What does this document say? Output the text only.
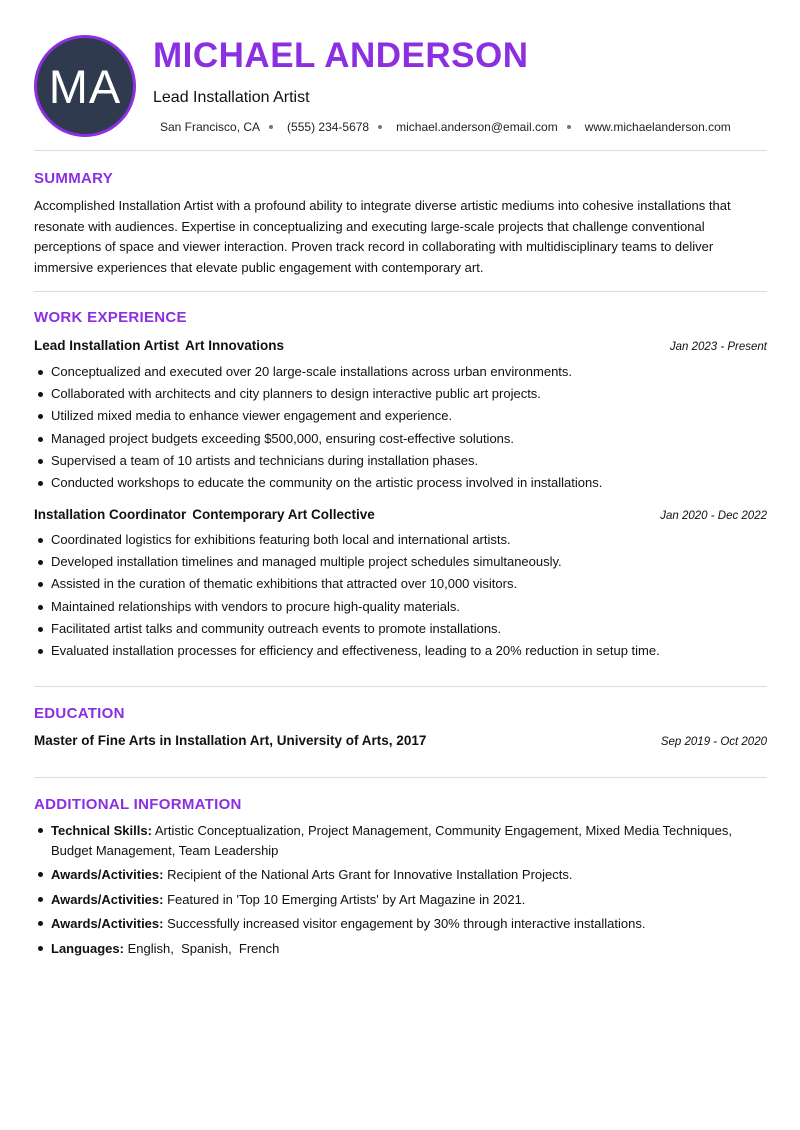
MA
MICHAEL ANDERSON
Lead Installation Artist
San Francisco, CA (555) 234-5678 michael.anderson@email.com www.michaelanderson.com
SUMMARY
Accomplished Installation Artist with a profound ability to integrate diverse artistic mediums into cohesive installations that resonate with audiences. Expertise in conceptualizing and executing large-scale projects that challenge conventional perceptions of space and viewer interaction. Proven track record in collaborating with multidisciplinary teams to deliver immersive experiences that elevate public engagement with contemporary art.
WORK EXPERIENCE
Lead Installation Artist Art Innovations	Jan 2023 - Present
Conceptualized and executed over 20 large-scale installations across urban environments.
Collaborated with architects and city planners to design interactive public art projects.
Utilized mixed media to enhance viewer engagement and experience.
Managed project budgets exceeding $500,000, ensuring cost-effective solutions.
Supervised a team of 10 artists and technicians during installation phases.
Conducted workshops to educate the community on the artistic process involved in installations.
Installation Coordinator Contemporary Art Collective	Jan 2020 - Dec 2022
Coordinated logistics for exhibitions featuring both local and international artists.
Developed installation timelines and managed multiple project schedules simultaneously.
Assisted in the curation of thematic exhibitions that attracted over 10,000 visitors.
Maintained relationships with vendors to procure high-quality materials.
Facilitated artist talks and community outreach events to promote installations.
Evaluated installation processes for efficiency and effectiveness, leading to a 20% reduction in setup time.
EDUCATION
Master of Fine Arts in Installation Art, University of Arts, 2017	Sep 2019 - Oct 2020
ADDITIONAL INFORMATION
Technical Skills: Artistic Conceptualization, Project Management, Community Engagement, Mixed Media Techniques, Budget Management, Team Leadership
Awards/Activities: Recipient of the National Arts Grant for Innovative Installation Projects.
Awards/Activities: Featured in 'Top 10 Emerging Artists' by Art Magazine in 2021.
Awards/Activities: Successfully increased visitor engagement by 30% through interactive installations.
Languages: English , Spanish , French
